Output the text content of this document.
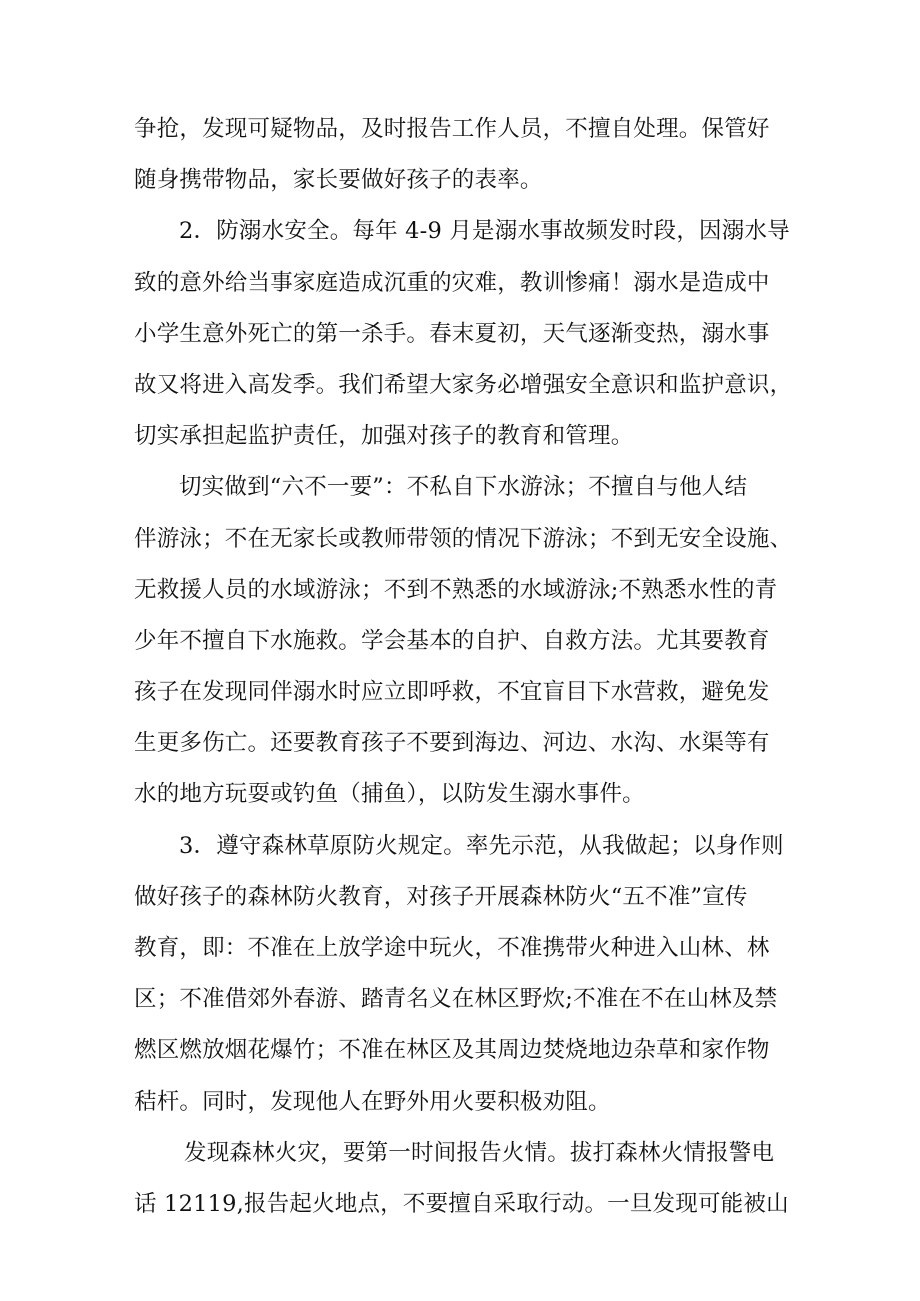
争抢，发现可疑物品，及时报告工作人员，不擅自处理。保管好
随身携带物品，家长要做好孩子的表率。
2．防溺水安全。每年 4-9 月是溺水事故频发时段，因溺水导
致的意外给当事家庭造成沉重的灾难，教训惨痛！溺水是造成中
小学生意外死亡的第一杀手。春末夏初，天气逐渐变热，溺水事
故又将进入高发季。我们希望大家务必增强安全意识和监护意识，
切实承担起监护责任，加强对孩子的教育和管理。
切实做到“六不一要”：不私自下水游泳；不擅自与他人结
伴游泳；不在无家长或教师带领的情况下游泳；不到无安全设施、
无救援人员的水域游泳；不到不熟悉的水域游泳;不熟悉水性的青
少年不擅自下水施救。学会基本的自护、自救方法。尤其要教育
孩子在发现同伴溺水时应立即呼救，不宜盲目下水营救，避免发
生更多伤亡。还要教育孩子不要到海边、河边、水沟、水渠等有
水的地方玩耍或钓鱼（捕鱼），以防发生溺水事件。
3．遵守森林草原防火规定。率先示范，从我做起；以身作则
做好孩子的森林防火教育，对孩子开展森林防火“五不准”宣传
教育，即：不准在上放学途中玩火，不准携带火种进入山林、林
区；不准借郊外春游、踏青名义在林区野炊;不准在不在山林及禁
燃区燃放烟花爆竹；不准在林区及其周边焚烧地边杂草和家作物
秸杆。同时，发现他人在野外用火要积极劝阻。
发现森林火灾，要第一时间报告火情。拔打森林火情报警电
话 12119,报告起火地点，不要擅自采取行动。一旦发现可能被山
